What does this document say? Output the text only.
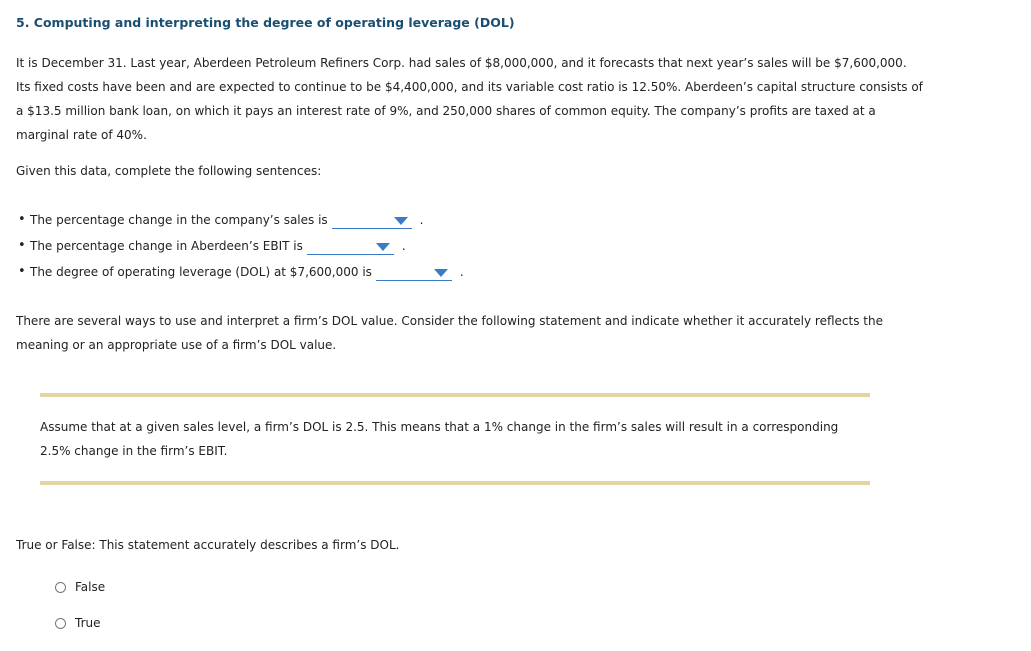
5. Computing and interpreting the degree of operating leverage (DOL)
It is December 31. Last year, Aberdeen Petroleum Refiners Corp. had sales of $8,000,000, and it forecasts that next year’s sales will be $7,600,000.
Its fixed costs have been and are expected to continue to be $4,400,000, and its variable cost ratio is 12.50%. Aberdeen’s capital structure consists of
a $13.5 million bank loan, on which it pays an interest rate of 9%, and 250,000 shares of common equity. The company’s profits are taxed at a
marginal rate of 40%.
Given this data, complete the following sentences:
• The percentage change in the company’s sales is	.
• The percentage change in Aberdeen’s EBIT is	.
• The degree of operating leverage (DOL) at $7,600,000 is	.
There are several ways to use and interpret a firm’s DOL value. Consider the following statement and indicate whether it accurately reflects the
meaning or an appropriate use of a firm’s DOL value.
Assume that at a given sales level, a firm’s DOL is 2.5. This means that a 1% change in the firm’s sales will result in a corresponding
2.5% change in the firm’s EBIT.
True or False: This statement accurately describes a firm’s DOL.
False
True
